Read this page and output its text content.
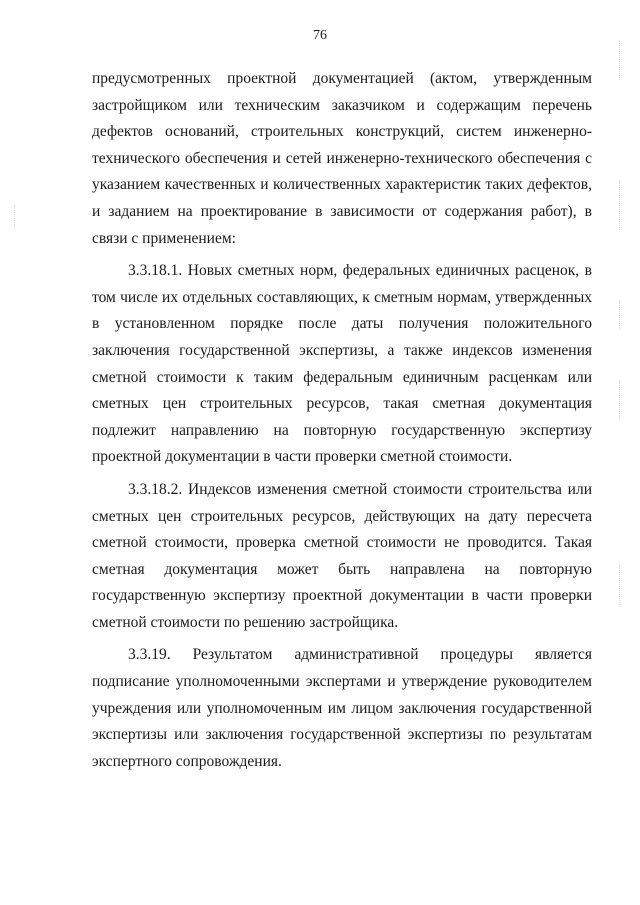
76

предусмотренных проектной документацией (актом, утвержденным застройщиком или техническим заказчиком и содержащим перечень дефектов оснований, строительных конструкций, систем инженерно-технического обеспечения и сетей инженерно-технического обеспечения с указанием качественных и количественных характеристик таких дефектов, и заданием на проектирование в зависимости от содержания работ), в связи с применением:

3.3.18.1. Новых сметных норм, федеральных единичных расценок, в том числе их отдельных составляющих, к сметным нормам, утвержденных в установленном порядке после даты получения положительного заключения государственной экспертизы, а также индексов изменения сметной стоимости к таким федеральным единичным расценкам или сметных цен строительных ресурсов, такая сметная документация подлежит направлению на повторную государственную экспертизу проектной документации в части проверки сметной стоимости.

3.3.18.2. Индексов изменения сметной стоимости строительства или сметных цен строительных ресурсов, действующих на дату пересчета сметной стоимости, проверка сметной стоимости не проводится. Такая сметная документация может быть направлена на повторную государственную экспертизу проектной документации в части проверки сметной стоимости по решению застройщика.

3.3.19. Результатом административной процедуры является подписание уполномоченными экспертами и утверждение руководителем учреждения или уполномоченным им лицом заключения государственной экспертизы или заключения государственной экспертизы по результатам экспертного сопровождения.
